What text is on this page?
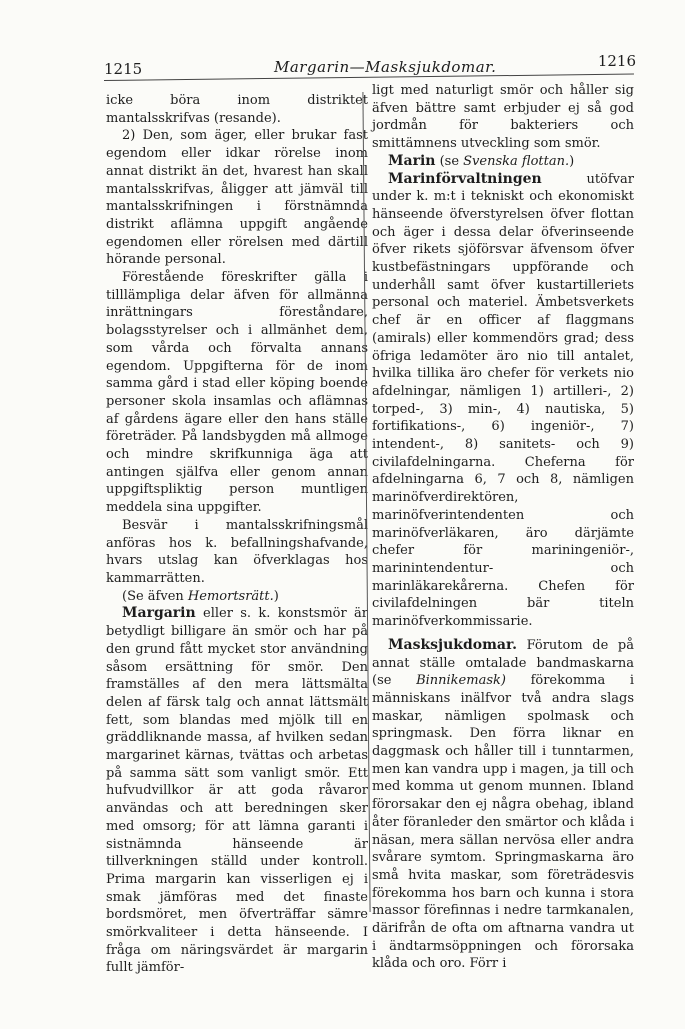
1215	Margarin—Masksjukdomar.	1216

icke böra inom distriktet mantalsskrifvas (resande).

2) Den, som äger, eller brukar fast egendom eller idkar rörelse inom annat distrikt än det, hvarest han skall mantalsskrifvas, åligger att jämväl till mantalsskrifningen i förstnämnda distrikt aflämna uppgift angående egendomen eller rörelsen med därtill hörande personal.

Förestående föreskrifter gälla i tilllämpliga delar äfven för allmänna inrättningars föreståndare, bolagsstyrelser och i allmänhet dem, som vårda och förvalta annans egendom. Uppgifterna för de inom samma gård i stad eller köping boende personer skola insamlas och aflämnas af gårdens ägare eller den hans ställe företräder. På landsbygden må allmoge och mindre skrifkunniga äga att antingen själfva eller genom annan uppgiftspliktig person muntligen meddela sina uppgifter.

Besvär i mantalsskrifningsmål anföras hos k. befallningshafvande, hvars utslag kan öfverklagas hos kammarrätten.

(Se äfven Hemortsrätt.)

Margarin eller s. k. konstsmör är betydligt billigare än smör och har på den grund fått mycket stor användning såsom ersättning för smör. Den framställes af den mera lättsmälta delen af färsk talg och annat lättsmält fett, som blandas med mjölk till en gräddliknande massa, af hvilken sedan margarinet kärnas, tvättas och arbetas på samma sätt som vanligt smör. Ett hufvudvillkor är att goda råvaror användas och att beredningen sker med omsorg; för att lämna garanti i sistnämnda hänseende är tillverkningen ställd under kontroll. Prima margarin kan visserligen ej i smak jämföras med det finaste bordsmöret, men öfverträffar sämre smörkvaliteer i detta hänseende. I fråga om näringsvärdet är margarin fullt jämför-

ligt med naturligt smör och håller sig äfven bättre samt erbjuder ej så god jordmån för bakteriers och smittämnens utveckling som smör.

Marin (se Svenska flottan.)

Marinförvaltningen utöfvar under k. m:t i tekniskt och ekonomiskt hänseende öfverstyrelsen öfver flottan och äger i dessa delar öfverinseende öfver rikets sjöförsvar äfvensom öfver kustbefästningars uppförande och underhåll samt öfver kustartilleriets personal och materiel. Ämbetsverkets chef är en officer af flaggmans (amirals) eller kommendörs grad; dess öfriga ledamöter äro nio till antalet, hvilka tillika äro chefer för verkets nio afdelningar, nämligen 1) artilleri-, 2) torped-, 3) min-, 4) nautiska, 5) fortifikations-, 6) ingeniör-, 7) intendent-, 8) sanitets- och 9) civilafdelningarna. Cheferna för afdelningarna 6, 7 och 8, nämligen marinöfverdirektören, marinöfverintendenten och marinöfverläkaren, äro därjämte chefer för mariningeniör-, marinintendentur- och marinläkarekårerna. Chefen för civilafdelningen bär titeln marinöfverkommissarie.

Masksjukdomar. Förutom de på annat ställe omtalade bandmaskarna (se Binnikemask) förekomma i människans inälfvor två andra slags maskar, nämligen spolmask och springmask. Den förra liknar en daggmask och håller till i tunntarmen, men kan vandra upp i magen, ja till och med komma ut genom munnen. Ibland förorsakar den ej några obehag, ibland åter föranleder den smärtor och klåda i näsan, mera sällan nervösa eller andra svårare symtom. Springmaskarna äro små hvita maskar, som företrädesvis förekomma hos barn och kunna i stora massor förefinnas i nedre tarmkanalen, därifrån de ofta om aftnarna vandra ut i ändtarmsöppningen och förorsaka klåda och oro. Förr i
